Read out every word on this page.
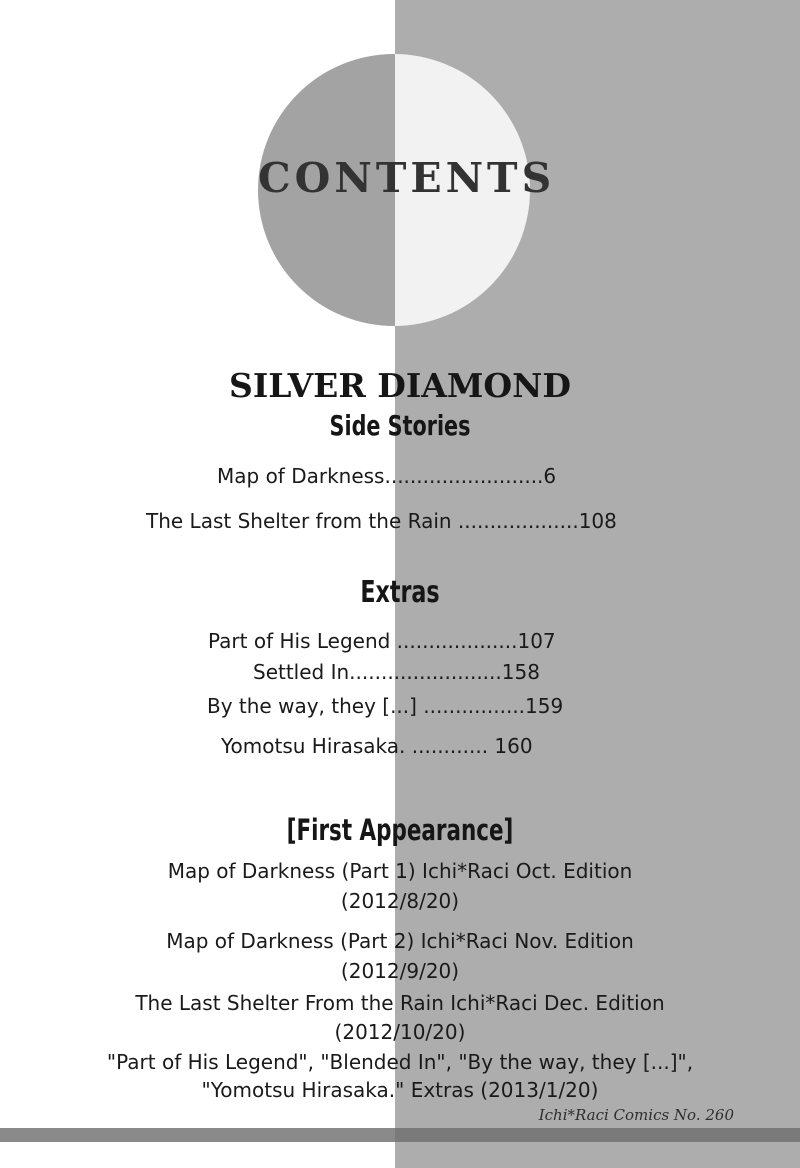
CONTENTS
SILVER DIAMOND
Side Stories
Map of Darkness.........................6
The Last Shelter from the Rain ...................108
Extras
Part of His Legend ...................107
Settled In........................158
By the way, they [...] ................159
Yomotsu Hirasaka. ............ 160
[First Appearance]
Map of Darkness (Part 1) Ichi*Raci Oct. Edition
(2012/8/20)
Map of Darkness (Part 2) Ichi*Raci Nov. Edition
(2012/9/20)
The Last Shelter From the Rain Ichi*Raci Dec. Edition
(2012/10/20)
"Part of His Legend", "Blended In", "By the way, they [...]",
"Yomotsu Hirasaka." Extras (2013/1/20)
Ichi*Raci Comics No. 260
